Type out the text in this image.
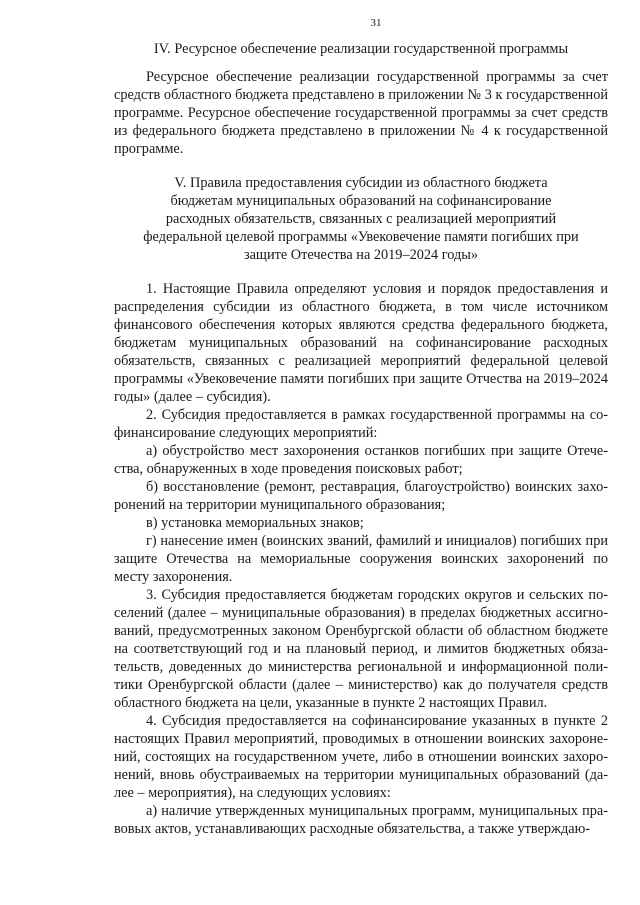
31
IV. Ресурсное обеспечение реализации государственной программы

Ресурсное обеспечение реализации государственной программы за счет средств областного бюджета представлено в приложении № 3 к государственной программе. Ресурсное обеспечение государственной программы за счет средств из федерального бюджета представлено в приложении № 4 к государственной программе.

V. Правила предоставления субсидии из областного бюджета
бюджетам муниципальных образований на софинансирование
расходных обязательств, связанных с реализацией мероприятий
федеральной целевой программы «Увековечение памяти погибших при
защите Отечества на 2019–2024 годы»

1. Настоящие Правила определяют условия и порядок предоставления и распределения субсидии из областного бюджета, в том числе источником финансового обеспечения которых являются средства федерального бюджета, бюджетам муниципальных образований на софинансирование расходных обязательств, связанных с реализацией мероприятий федеральной целевой программы «Увековечение памяти погибших при защите Отчества на 2019–2024 годы» (далее – субсидия).

2. Субсидия предоставляется в рамках государственной программы на софинансирование следующих мероприятий:

а) обустройство мест захоронения останков погибших при защите Отечества, обнаруженных в ходе проведения поисковых работ;

б) восстановление (ремонт, реставрация, благоустройство) воинских захоронений на территории муниципального образования;

в) установка мемориальных знаков;

г) нанесение имен (воинских званий, фамилий и инициалов) погибших при защите Отечества на мемориальные сооружения воинских захоронений по месту захоронения.

3. Субсидия предоставляется бюджетам городских округов и сельских поселений (далее – муниципальные образования) в пределах бюджетных ассигнований, предусмотренных законом Оренбургской области об областном бюджете на соответствующий год и на плановый период, и лимитов бюджетных обязательств, доведенных до министерства региональной и информационной политики Оренбургской области (далее – министерство) как до получателя средств областного бюджета на цели, указанные в пункте 2 настоящих Правил.

4. Субсидия предоставляется на софинансирование указанных в пункте 2 настоящих Правил мероприятий, проводимых в отношении воинских захоронений, состоящих на государственном учете, либо в отношении воинских захоронений, вновь обустраиваемых на территории муниципальных образований (далее – мероприятия), на следующих условиях:

а) наличие утвержденных муниципальных программ, муниципальных правовых актов, устанавливающих расходные обязательства, а также утверждаю-
